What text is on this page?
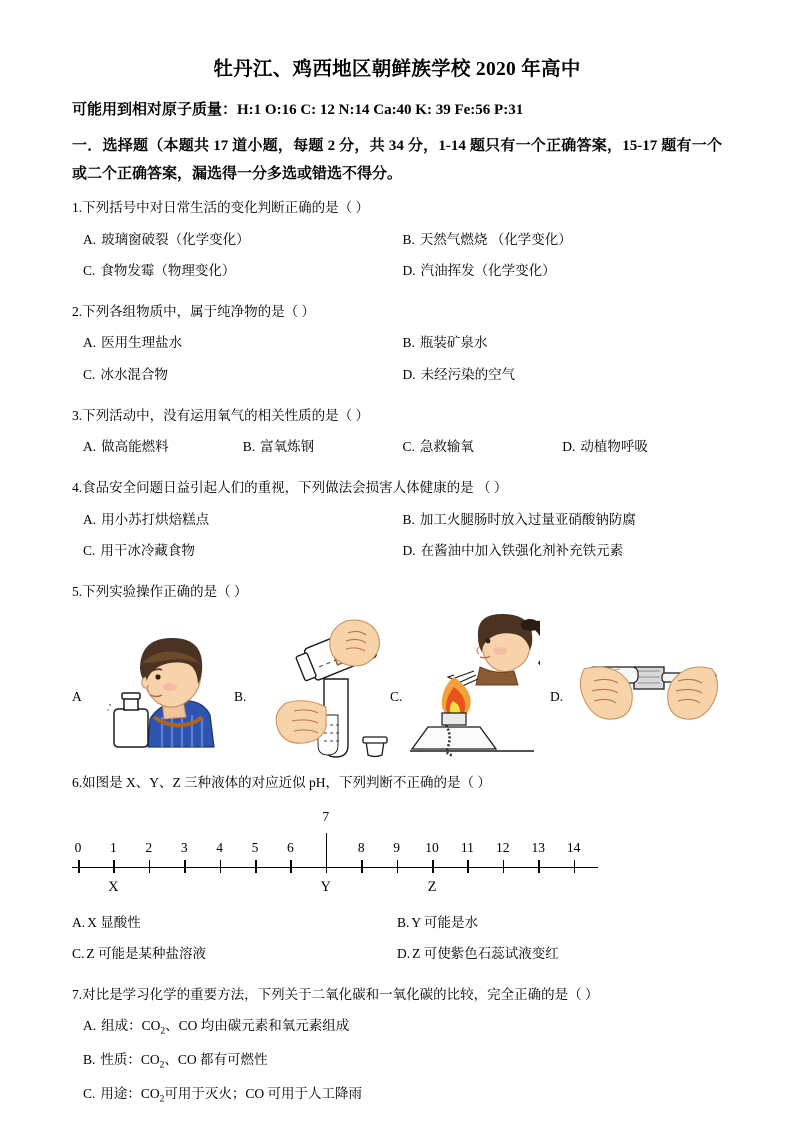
牡丹江、鸡西地区朝鲜族学校 2020 年高中
可能用到相对原子质量：H:1 O:16 C: 12 N:14 Ca:40 K: 39 Fe:56 P:31
一．选择题（本题共 17 道小题，每题 2 分，共 34 分，1-14 题只有一个正确答案，15-17 题有一个或二个正确答案，漏选得一分多选或错选不得分。
1.下列括号中对日常生活的变化判断正确的是（ ）
A. 玻璃窗破裂（化学变化）	B. 天然气燃烧 （化学变化）
C. 食物发霉（物理变化）	D. 汽油挥发（化学变化）
2.下列各组物质中，属于纯净物的是（ ）
A. 医用生理盐水	B. 瓶装矿泉水
C. 冰水混合物	D. 未经污染的空气
3.下列活动中，没有运用氧气的相关性质的是（ ）
A. 做高能燃料	B. 富氧炼钢	C. 急救输氧	D. 动植物呼吸
4.食品安全问题日益引起人们的重视，下列做法会损害人体健康的是 （ ）
A. 用小苏打烘焙糕点	B. 加工火腿肠时放入过量亚硝酸钠防腐
C. 用干冰冷藏食物	D. 在酱油中加入铁强化剂补充铁元素
5.下列实验操作正确的是（ ）
A	B.	C.	D.
6.如图是 X、Y、Z 三种液体的对应近似 pH，下列判断不正确的是（ ）
0	1	2	3	4	5	6
7
8	9	10	11	12	13	14
X	Y	Z
A. X 显酸性	B. Y 可能是水
C. Z 可能是某种盐溶液	D. Z 可使紫色石蕊试液变红
7.对比是学习化学的重要方法，下列关于二氧化碳和一氧化碳的比较，完全正确的是（ ）
A. 组成：$CO_2$、CO 均由碳元素和氧元素组成
B. 性质：$CO_2$、CO 都有可燃性
C. 用途：$CO_2$可用于灭火；CO 可用于人工降雨
